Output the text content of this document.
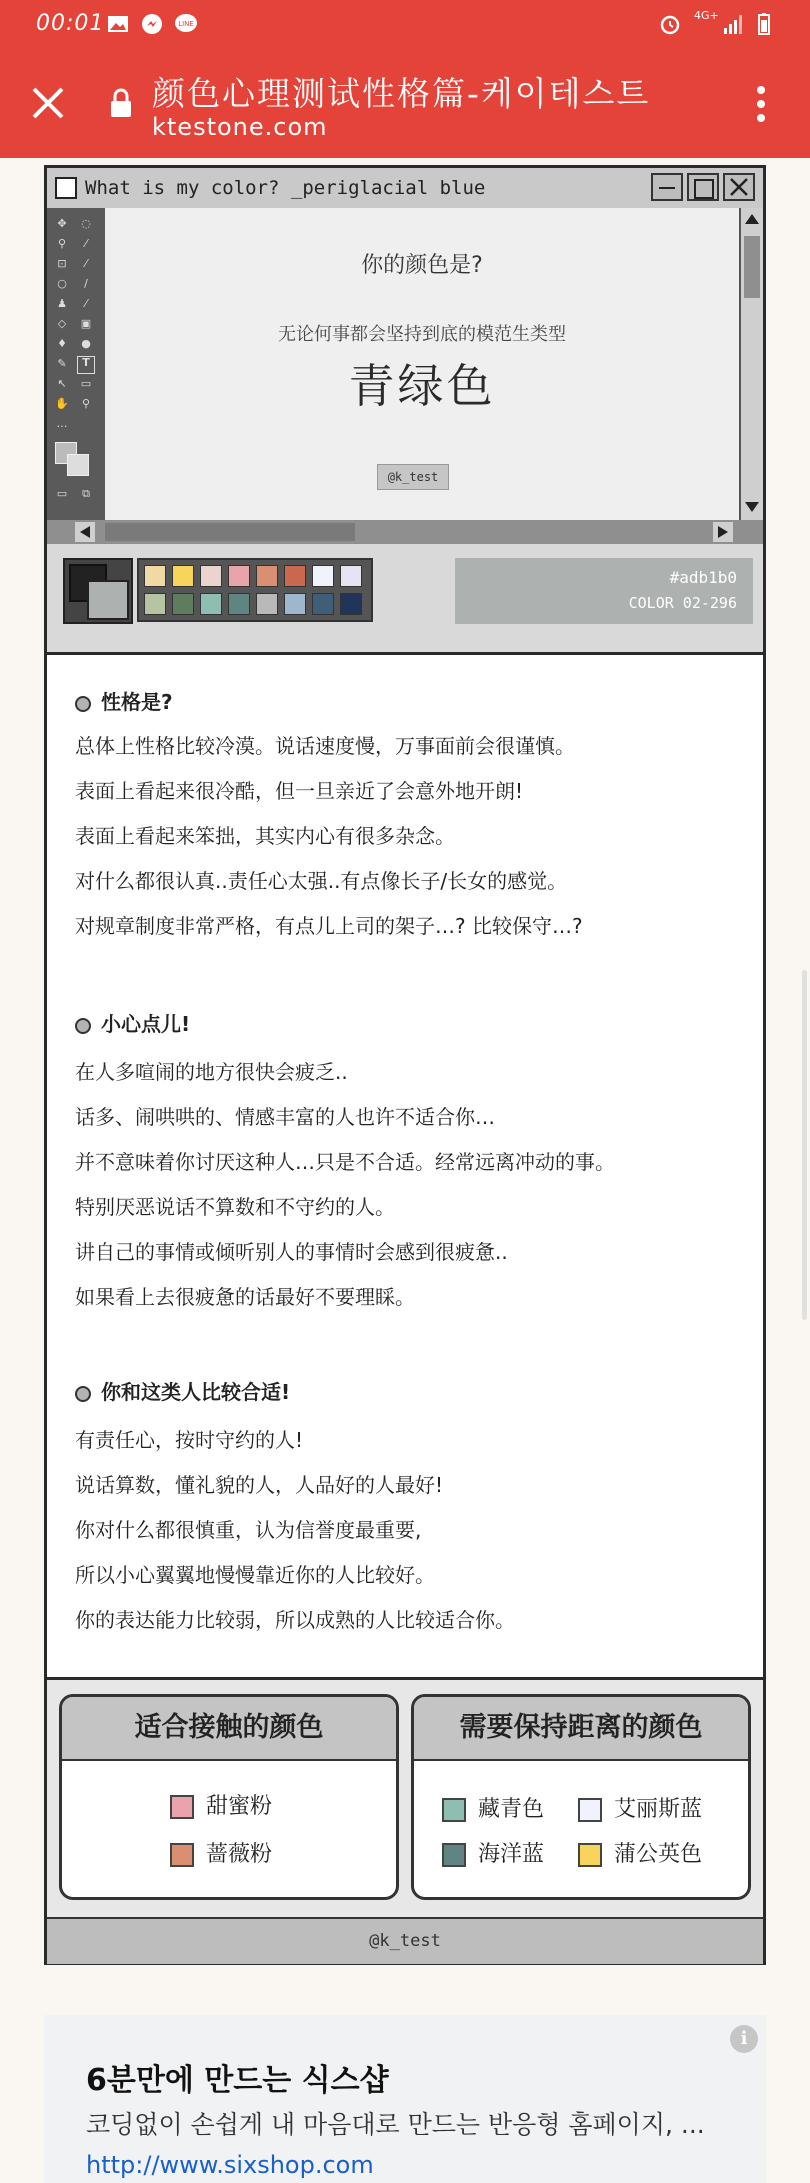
00:01	LINE
4G+
颜色心理测试性格篇-케이테스트
ktestone.com
What is my color? _periglacial blue
✥ ◌
⚲	⁄
⊡	⁄
○	/
♟	⁄
◇ ▣
♦ ●
✎	T
↖ ▭
✋ ⚲
…
▭ ⧉
你的颜色是?
无论何事都会坚持到底的模范生类型
青绿色
@k_test
#adb1b0
COLOR 02-296
性格是?
总体上性格比较冷漠。说话速度慢，万事面前会很谨慎。
表面上看起来很冷酷，但一旦亲近了会意外地开朗!
表面上看起来笨拙，其实内心有很多杂念。
对什么都很认真..责任心太强..有点像长子/长女的感觉。
对规章制度非常严格，有点儿上司的架子…? 比较保守…?
小心点儿!
在人多喧闹的地方很快会疲乏..
话多、闹哄哄的、情感丰富的人也许不适合你…
并不意味着你讨厌这种人…只是不合适。经常远离冲动的事。
特别厌恶说话不算数和不守约的人。
讲自己的事情或倾听别人的事情时会感到很疲惫..
如果看上去很疲惫的话最好不要理睬。
你和这类人比较合适!
有责任心，按时守约的人!
说话算数，懂礼貌的人，人品好的人最好!
你对什么都很慎重，认为信誉度最重要,
所以小心翼翼地慢慢靠近你的人比较好。
你的表达能力比较弱，所以成熟的人比较适合你。
适合接触的颜色
甜蜜粉
蔷薇粉
需要保持距离的颜色
藏青色	艾丽斯蓝
海洋蓝	蒲公英色
@k_test
i
6분만에 만드는 식스샵
코딩없이 손쉽게 내 마음대로 만드는 반응형 홈페이지, ...
http://www.sixshop.com
